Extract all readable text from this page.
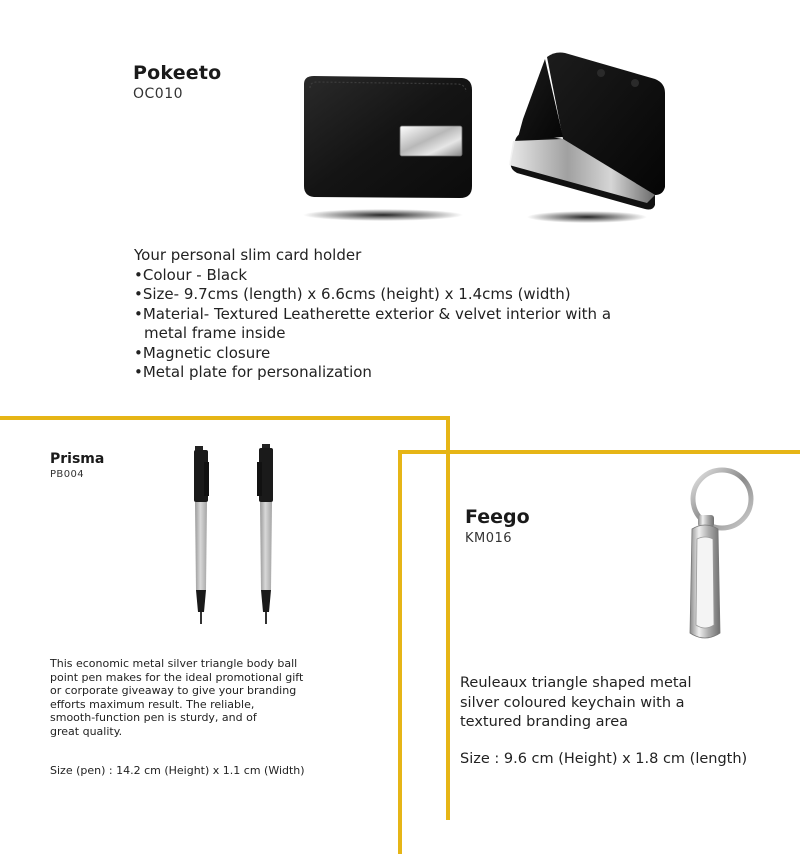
Pokeeto
OC010
Your personal slim card holder
•Colour - Black
•Size- 9.7cms (length) x 6.6cms (height) x 1.4cms (width)
•Material- Textured Leatherette exterior & velvet interior with a
metal frame inside
•Magnetic closure
•Metal plate for personalization
Prisma
PB004
This economic metal silver triangle body ball
point pen makes for the ideal promotional gift
or corporate giveaway to give your branding
efforts maximum result. The reliable,
smooth-function pen is sturdy, and of
great quality.
Size (pen) : 14.2 cm (Height) x 1.1 cm (Width)
Feego
KM016
Reuleaux triangle shaped metal
silver coloured keychain with a
textured branding area
Size : 9.6 cm (Height) x 1.8 cm (length)
